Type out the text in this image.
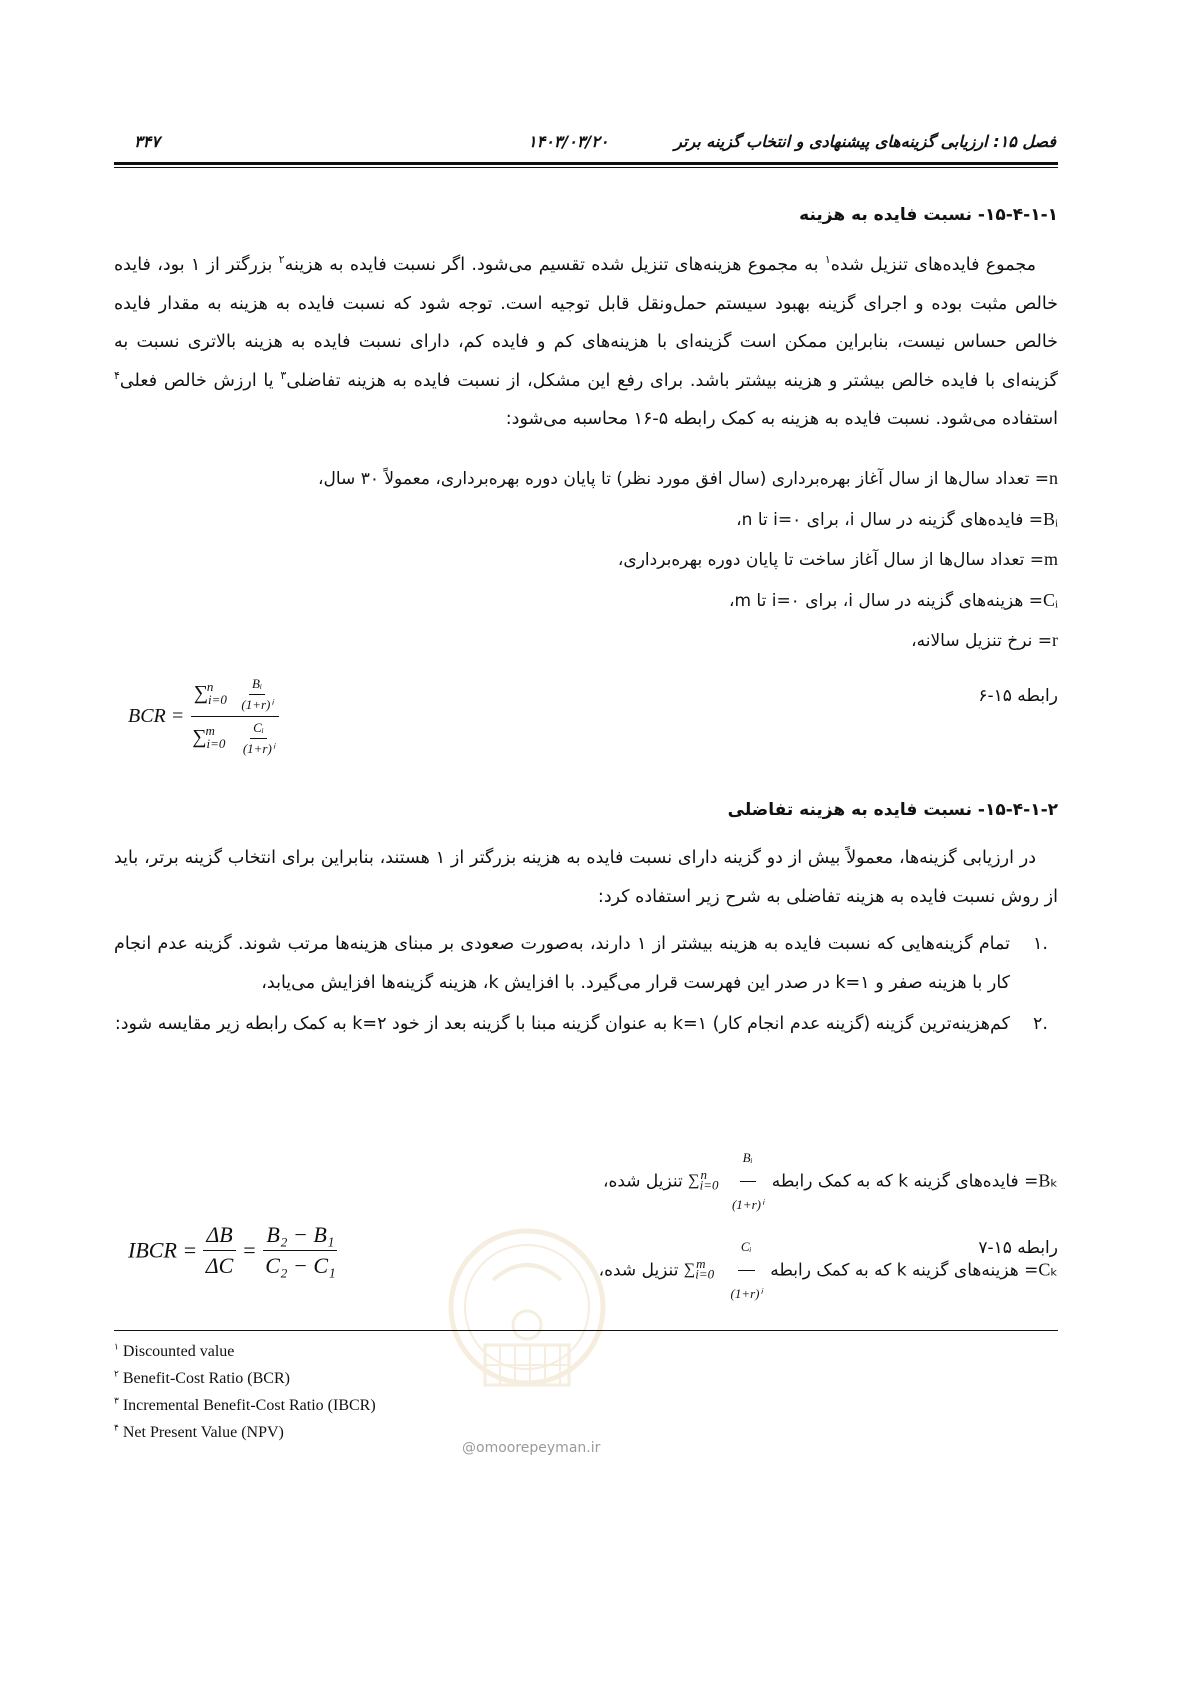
فصل ۱۵: ارزیابی گزینه‌های پیشنهادی و انتخاب گزینه برتر
۱۴۰۳/۰۳/۲۰
۳۴۷
۱۵-۴-۱-۱- نسبت فایده به هزینه
مجموع فایده‌های تنزیل شده$^۱$ به مجموع هزینه‌های تنزیل شده تقسیم می‌شود. اگر نسبت فایده به هزینه$^۲$ بزرگتر از ۱ بود، فایده خالص مثبت بوده و اجرای گزینه بهبود سیستم حمل‌ونقل قابل توجیه است. توجه شود که نسبت فایده به هزینه به مقدار فایده خالص حساس نیست، بنابراین ممکن است گزینه‌ای با هزینه‌های کم و فایده کم، دارای نسبت فایده به هزینه بالاتری نسبت به گزینه‌ای با فایده خالص بیشتر و هزینه بیشتر باشد. برای رفع این مشکل، از نسبت فایده به هزینه تفاضلی$^۳$ یا ارزش خالص فعلی$^۴$ استفاده می‌شود. نسبت فایده به هزینه به کمک رابطه ۵-۱۶ محاسبه می‌شود:
n= تعداد سال‌ها از سال آغاز بهره‌برداری (سال افق مورد نظر) تا پایان دوره بهره‌برداری، معمولاً ۳۰ سال،
Bᵢ= فایده‌های گزینه در سال i، برای i=۰ تا n،
m= تعداد سال‌ها از سال آغاز ساخت تا پایان دوره بهره‌برداری،
Cᵢ= هزینه‌های گزینه در سال i، برای i=۰ تا m،
r= نرخ تنزیل سالانه،
رابطه ۱۵-۶
BCR = $\frac{\sum_{i=0}^n \frac{\text{Bᵢ}}{\text{(1+r)ⁱ}}}{\sum_{i=0}^m \frac{\text{Cᵢ}}{\text{(1+r)ⁱ}}}$
۱۵-۴-۱-۲- نسبت فایده به هزینه تفاضلی
در ارزیابی گزینه‌ها، معمولاً بیش از دو گزینه دارای نسبت فایده به هزینه بزرگتر از ۱ هستند، بنابراین برای انتخاب گزینه برتر، باید از روش نسبت فایده به هزینه تفاضلی به شرح زیر استفاده کرد:
.۱
تمام گزینه‌هایی که نسبت فایده به هزینه بیشتر از ۱ دارند، به‌صورت صعودی بر مبنای هزینه‌ها مرتب شوند. گزینه عدم انجام کار با هزینه صفر و k=۱ در صدر این فهرست قرار می‌گیرد. با افزایش k، هزینه گزینه‌ها افزایش می‌یابد،
.۲
کم‌هزینه‌ترین گزینه (گزینه عدم انجام کار) k=۱ به عنوان گزینه مبنا با گزینه بعد از خود k=۲ به کمک رابطه زیر مقایسه شود:
Bₖ= فایده‌های گزینه k که به کمک رابطه $\sum_{i=0}^n \frac{\text{Bᵢ}}{\text{(1+r)ⁱ}}$
تنزیل شده،
Cₖ= هزینه‌های گزینه k که به کمک رابطه $\sum_{i=0}^m \frac{\text{Cᵢ}}{\text{(1+r)ⁱ}}$
تنزیل شده،
رابطه ۱۵-۷
IBCR = $\frac{\Delta B}{\Delta C} = \frac{\text{B₂ − B₁}}{\text{C₂ − C₁}}$
@omoorepeyman.ir
$^١$ Discounted value
$^٢$ Benefit-Cost Ratio (BCR)
$^٣$ Incremental Benefit-Cost Ratio (IBCR)
$^۴$ Net Present Value (NPV)
